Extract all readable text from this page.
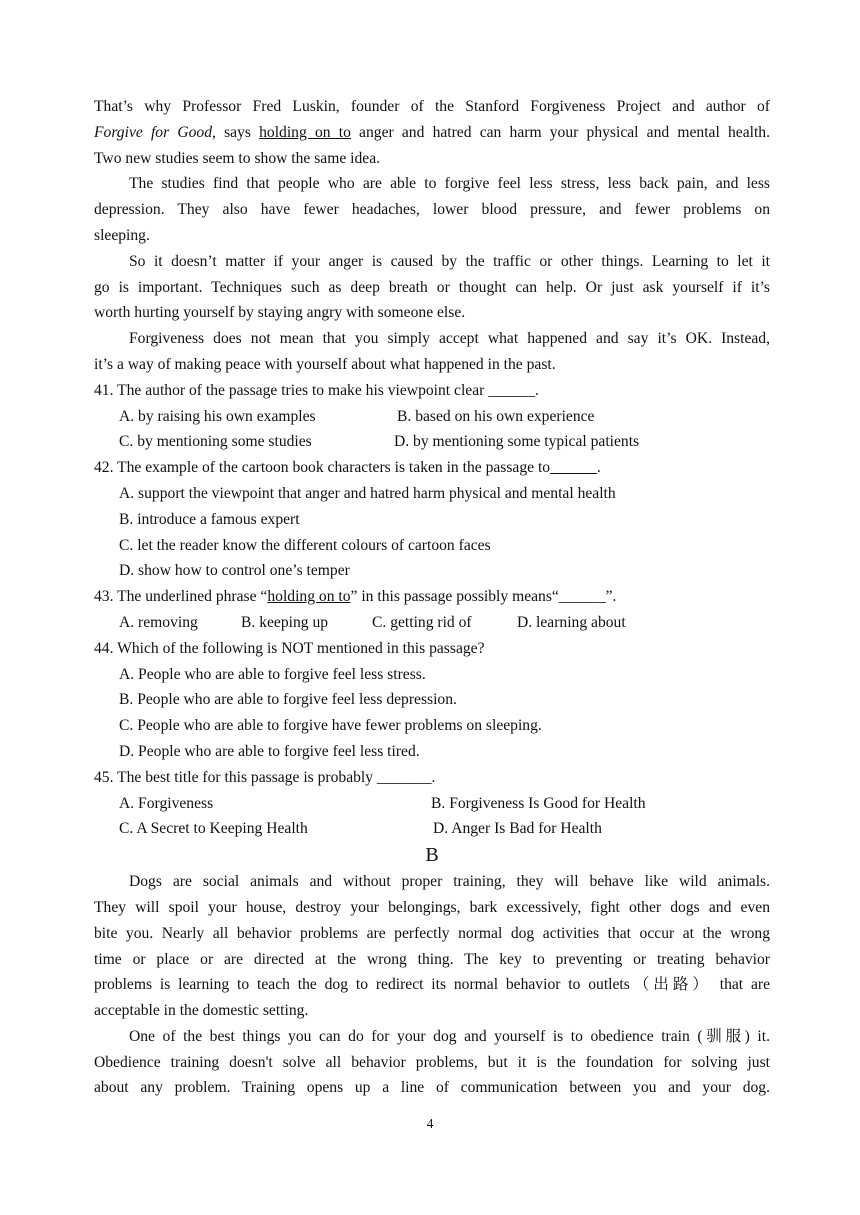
That’s why Professor Fred Luskin, founder of the Stanford Forgiveness Project and author of
Forgive for Good, says holding on to anger and hatred can harm your physical and mental health.
Two new studies seem to show the same idea.
The studies find that people who are able to forgive feel less stress, less back pain, and less
depression. They also have fewer headaches, lower blood pressure, and fewer problems on
sleeping.
So it doesn’t matter if your anger is caused by the traffic or other things. Learning to let it
go is important. Techniques such as deep breath or thought can help. Or just ask yourself if it’s
worth hurting yourself by staying angry with someone else.
Forgiveness does not mean that you simply accept what happened and say it’s OK. Instead,
it’s a way of making peace with yourself about what happened in the past.
41. The author of the passage tries to make his viewpoint clear ______.
A. by raising his own examples	B. based on his own experience
C. by mentioning some studies	D. by mentioning some typical patients
42. The example of the cartoon book characters is taken in the passage to______.
A. support the viewpoint that anger and hatred harm physical and mental health
B. introduce a famous expert
C. let the reader know the different colours of cartoon faces
D. show how to control one’s temper
43. The underlined phrase “holding on to” in this passage possibly means“______”.
A. removing	B. keeping up	C. getting rid of	D. learning about
44. Which of the following is NOT mentioned in this passage?
A. People who are able to forgive feel less stress.
B. People who are able to forgive feel less depression.
C. People who are able to forgive have fewer problems on sleeping.
D. People who are able to forgive feel less tired.
45. The best title for this passage is probably _______.
A. Forgiveness	B. Forgiveness Is Good for Health
C. A Secret to Keeping Health	D. Anger Is Bad for Health
B
Dogs are social animals and without proper training, they will behave like wild animals.
They will spoil your house, destroy your belongings, bark excessively, fight other dogs and even
bite you. Nearly all behavior problems are perfectly normal dog activities that occur at the wrong
time or place or are directed at the wrong thing. The key to preventing or treating behavior
problems is learning to teach the dog to redirect its normal behavior to outlets（出路） that are
acceptable in the domestic setting.
One of the best things you can do for your dog and yourself is to obedience train (驯服) it.
Obedience training doesn't solve all behavior problems, but it is the foundation for solving just
about any problem. Training opens up a line of communication between you and your dog.
4
